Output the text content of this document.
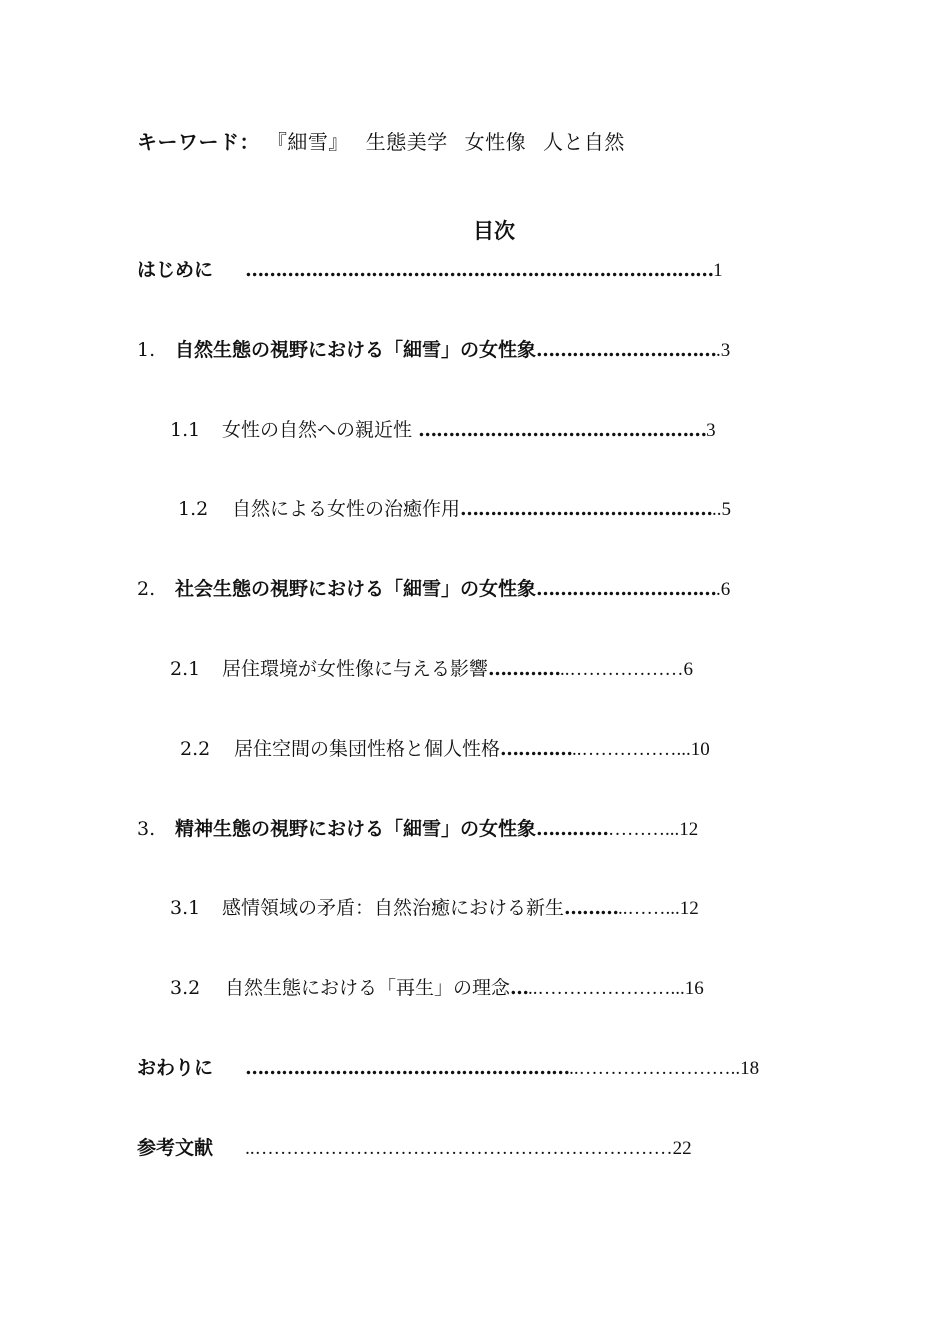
キーワード： 『細雪』 生態美学 女性像 人と自然
目次
はじめに ……………………………………………………………………1
1. 自然生態の視野における「細雪」の女性象………………………….3
1.1 女性の自然への親近性 …………………………………………3
1.2 自然による女性の治癒作用……………………………………..5
2. 社会生態の視野における「細雪」の女性象………………………….6
2.1 居住環境が女性像に与える影響…………..………………6
2.2 居住空間の集団性格と個人性格…………..……………...10
3. 精神生態の視野における「細雪」の女性象…………………...12
3.1 感情領域の矛盾：自然治癒における新生………..……...12
3.2 自然生態における「再生」の理念…..…………………...16
おわりに ………………………………………………..……………………..18
参考文献 ..…………………………………………………………22
